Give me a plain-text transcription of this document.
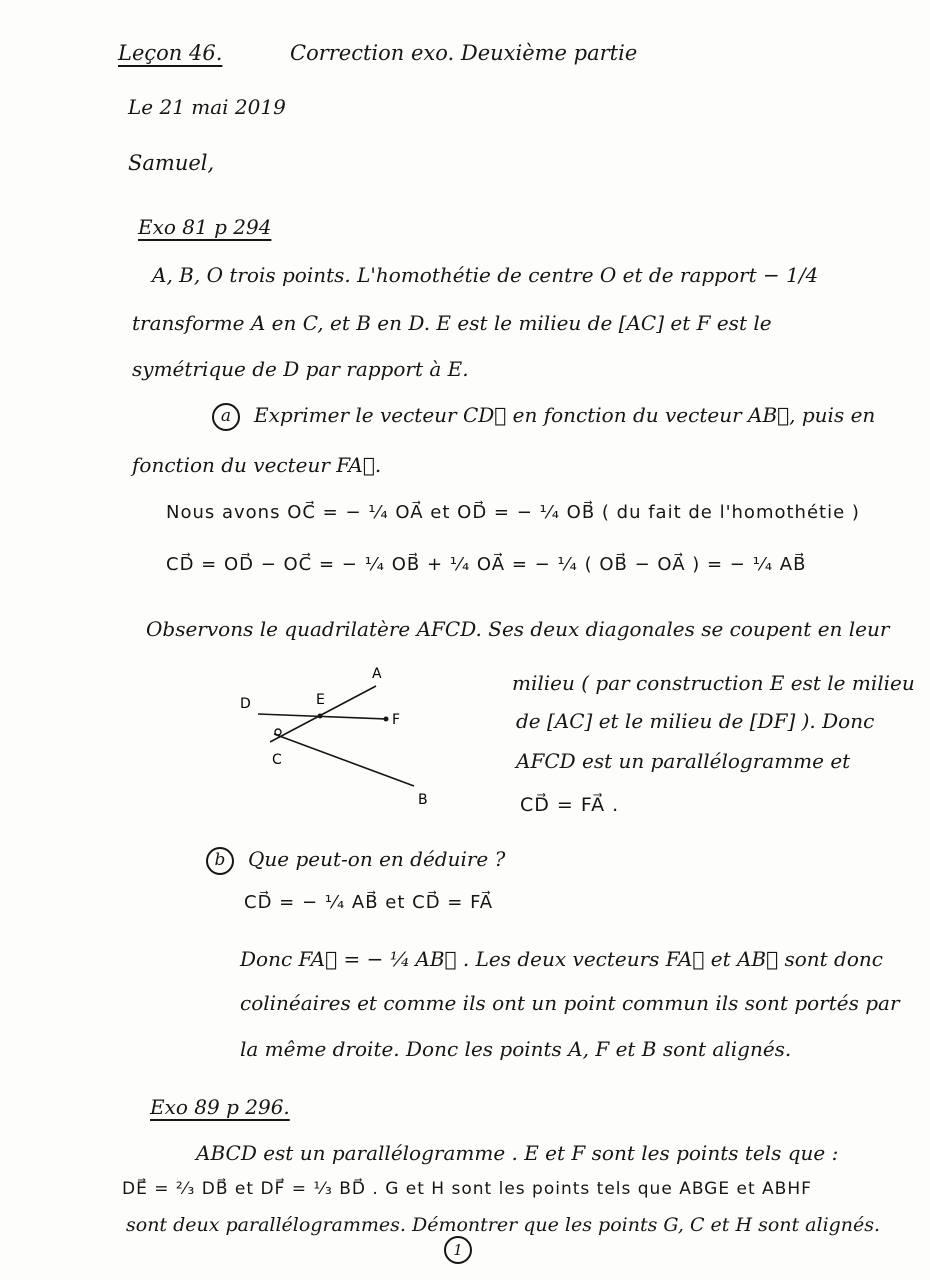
Leçon 46.	Correction exo. Deuxième partie
Le 21 mai 2019
Samuel,
Exo 81 p 294
A, B, O trois points. L'homothétie de centre O et de rapport − 1/4
transforme A en C, et B en D. E est le milieu de [AC] et F est le
symétrique de D par rapport à E.
a Exprimer le vecteur CD⃗ en fonction du vecteur AB⃗, puis en
fonction du vecteur FA⃗.
Nous avons OC⃗ = − ¹⁄₄ OA⃗ et OD⃗ = − ¹⁄₄ OB⃗ ( du fait de l'homothétie )
CD⃗ = OD⃗ − OC⃗ = − ¹⁄₄ OB⃗ + ¹⁄₄ OA⃗ = − ¹⁄₄ ( OB⃗ − OA⃗ ) = − ¹⁄₄ AB⃗
Observons le quadrilatère AFCD. Ses deux diagonales se coupent en leur
A
D	E
F
C
B
milieu ( par construction E est le milieu
de [AC] et le milieu de [DF] ). Donc
AFCD est un parallélogramme et
CD⃗ = FA⃗ .
b Que peut-on en déduire ?
CD⃗ = − ¹⁄₄ AB⃗ et CD⃗ = FA⃗
Donc FA⃗ = − ¹⁄₄ AB⃗ . Les deux vecteurs FA⃗ et AB⃗ sont donc
colinéaires et comme ils ont un point commun ils sont portés par
la même droite. Donc les points A, F et B sont alignés.
Exo 89 p 296.
ABCD est un parallélogramme . E et F sont les points tels que :
DE⃗ = ²⁄₃ DB⃗ et DF⃗ = ¹⁄₃ BD⃗ . G et H sont les points tels que ABGE et ABHF
sont deux parallélogrammes. Démontrer que les points G, C et H sont alignés.
1
